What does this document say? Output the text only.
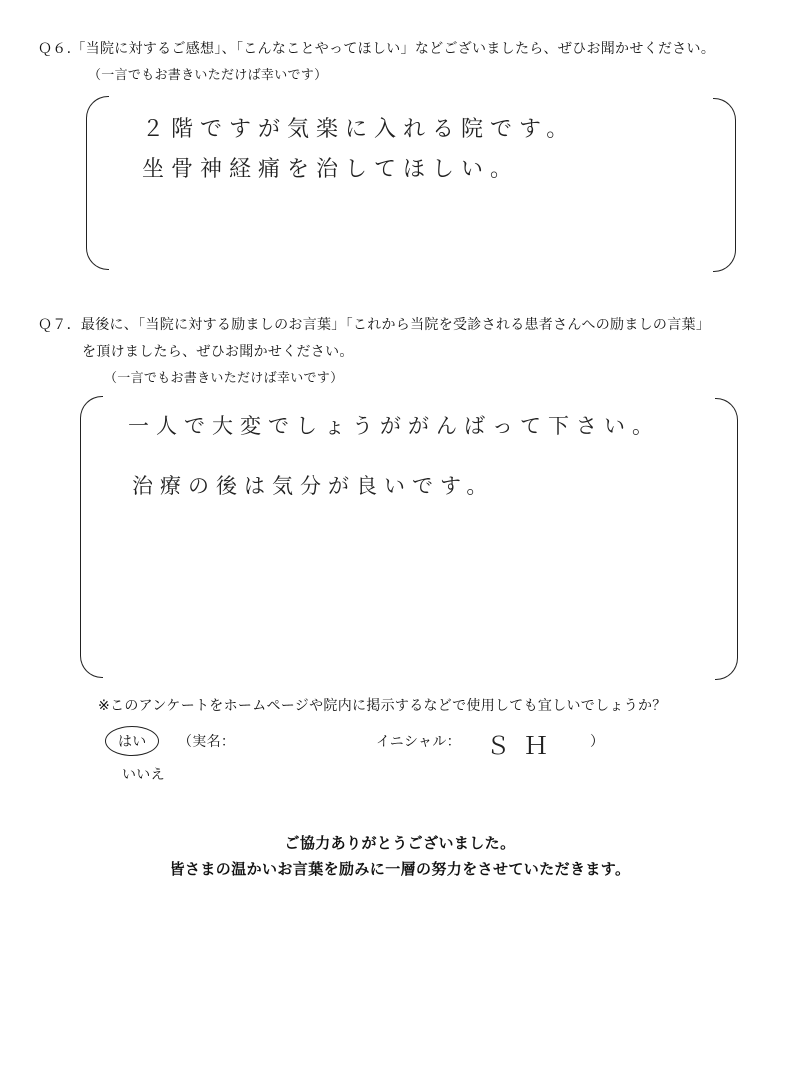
Ｑ６.「当院に対するご感想」、「こんなことやってほしい」などございましたら、ぜひお聞かせください。
（一言でもお書きいただけば幸いです）
２階ですが気楽に入れる院です。
坐骨神経痛を治してほしい。
Ｑ７．最後に、「当院に対する励ましのお言葉」「これから当院を受診される患者さんへの励ましの言葉」
を頂けましたら、ぜひお聞かせください。
（一言でもお書きいただけば幸いです）
一人で大変でしょうががんばって下さい。
治療の後は気分が良いです。
※このアンケートをホームページや院内に掲示するなどで使用しても宜しいでしょうか？
はい （実名：	イニシャル： ＳＨ ）
いいえ
ご協力ありがとうございました。
皆さまの温かいお言葉を励みに一層の努力をさせていただきます。
